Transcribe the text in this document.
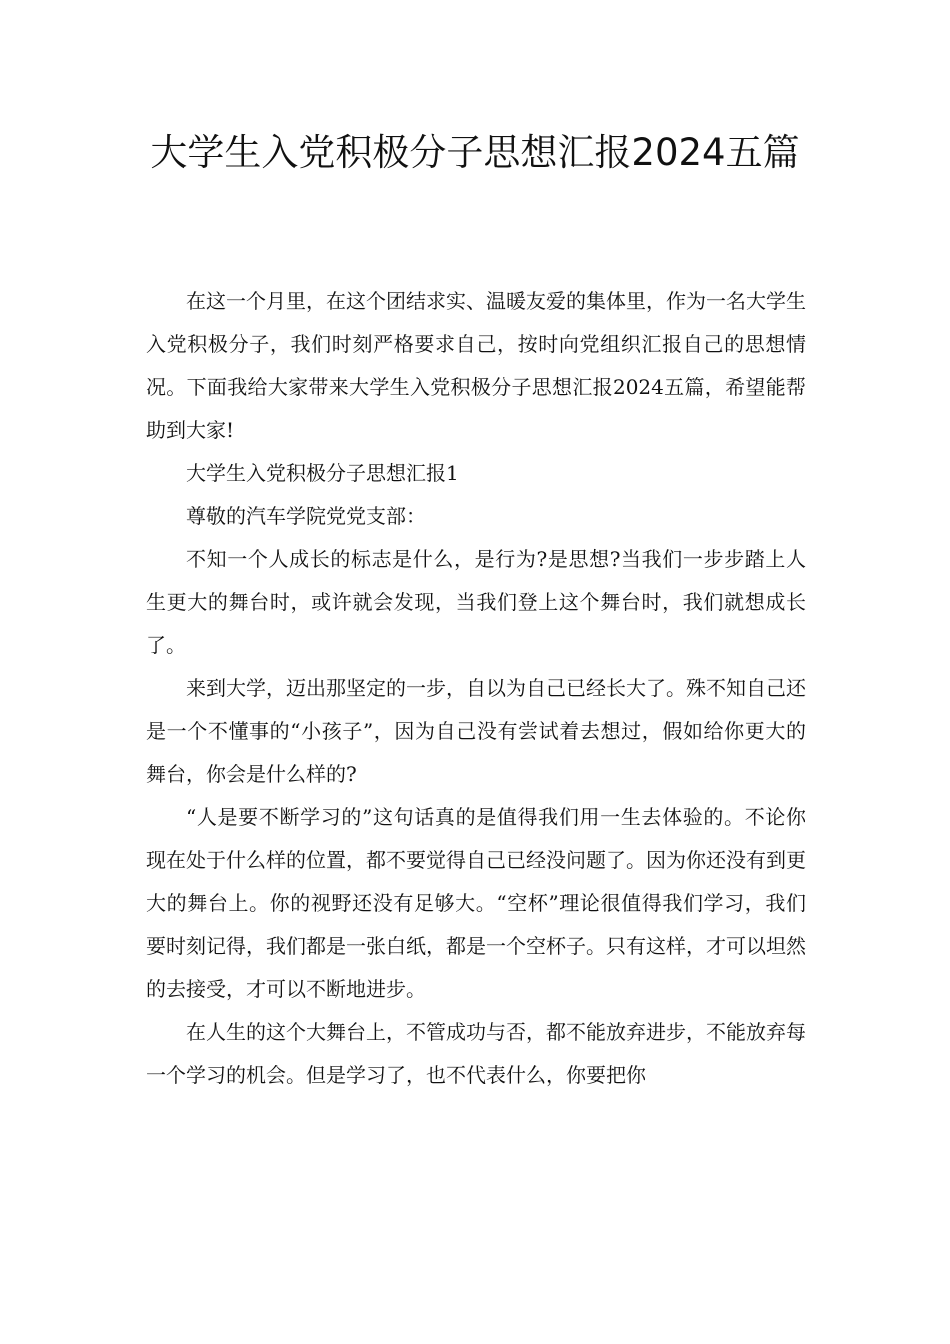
大学生入党积极分子思想汇报2024五篇

在这一个月里，在这个团结求实、温暖友爱的集体里，作为一名大学生入党积极分子，我们时刻严格要求自己，按时向党组织汇报自己的思想情况。下面我给大家带来大学生入党积极分子思想汇报2024五篇，希望能帮助到大家!

大学生入党积极分子思想汇报1
尊敬的汽车学院党党支部：

不知一个人成长的标志是什么，是行为?是思想?当我们一步步踏上人生更大的舞台时，或许就会发现，当我们登上这个舞台时，我们就想成长了。

来到大学，迈出那坚定的一步，自以为自己已经长大了。殊不知自己还是一个不懂事的“小孩子”，因为自己没有尝试着去想过，假如给你更大的舞台，你会是什么样的?

“人是要不断学习的”这句话真的是值得我们用一生去体验的。不论你现在处于什么样的位置，都不要觉得自己已经没问题了。因为你还没有到更大的舞台上。你的视野还没有足够大。“空杯”理论很值得我们学习，我们要时刻记得，我们都是一张白纸，都是一个空杯子。只有这样，才可以坦然的去接受，才可以不断地进步。

在人生的这个大舞台上，不管成功与否，都不能放弃进步，不能放弃每一个学习的机会。但是学习了，也不代表什么，你要把你
